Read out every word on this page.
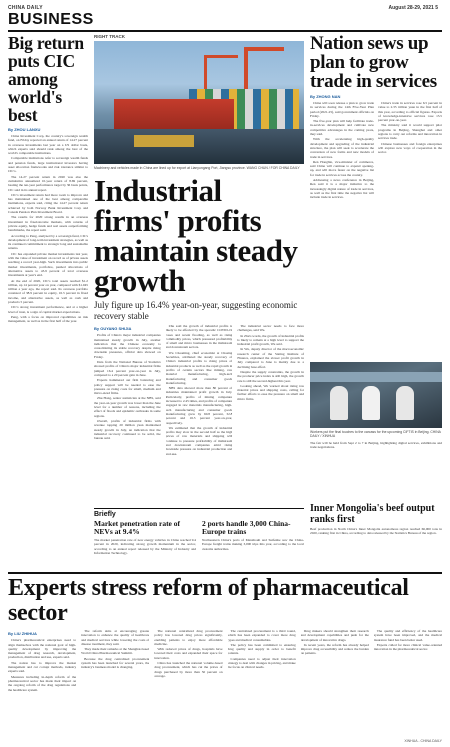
CHINA DAILY	August 28-29, 2021 5
BUSINESS
Big return puts CIC among world's best
By ZHOU LANXU

China Investment Corp, the country's sovereign wealth fund, on Friday reported an annual return of 14.27 percent in overseas investments last year on a US dollar basis, which experts said should rank among the best of the world's comparable institutions.

Comparable institutions refer to sovereign wealth funds and pension funds, large institutional investors having asset allocation frameworks and risk tolerance similar to CIC's.

The 14.27 percent return in 2020 was also the cumulative annualized 10-year return of 8.69 percent, beating the ten-year performance target by 36 basis points, CIC said in its annual report.

CIC's investment return had more room to improve and has maintained one of the best among comparable institutions, experts said, citing the 14.27 percent return achieved by both Norway Bank Investment Corp and Canada Pension Plan Investment Board.

The results for 2020 strong results in an overseas investment in fixed-income markets, with returns of private equity, hedge funds and real assets outperforming benchmarks, the report said.

According to Peng, analyzed by a sovereign fund, CIC's development of long-term investment strategies, as well as its continued commitment to strategic long and sustainable returns.

CIC has expanded private market investments last year, with the value of investment on record as of private assets reaching a record year-high. Such investments into public market investments, portfolios, pushed allocations of alternative assets to 43.9 percent of total overseas investments at year's end.

At the end of 2020, CIC's total assets reached $1.2 trillion, up 14 percent year on year, compared with $1.045 trillion a year ago, the report said. Its overseas portfolio consisted of 38.9 percent in equity, 16.3 percent in fixed income, and alternative assets, as well as cash and products 5 percent.

CIC's strong investment performance, and at a higher level of trust, is a sign of capital market expectations.

Peng, with a focus on improved capabilities on risk management, as well as in the first half of the year.

RIGHT TRACK
Machinery and vehicles made in China are lined up for export at Lianyungang Port, Jiangsu province. WANG CHUN / FOR CHINA DAILY
Industrial firms' profits maintain steady growth
July figure up 16.4% year-on-year, suggesting economic recovery stable
By OUYANG SHIJIA

Profits of China's major industrial companies maintained steady growth in July, another indication that the Chinese economy is consolidating its stable recovery despite rising downside pressures, official data showed on Friday.

Data from the National Bureau of Statistics showed profits of China's major industrial firms jumped 16.4 percent year-on-year in July, compared to a 20 percent gain in June.

Experts hammered out firm balancing and policy support will be needed to ease the pressure on rising costs for small, medium and micro-sized firms.

Zhu Hong, senior statistician at the NBS, said the year-on-year growth was lower than the June level for a number of reasons, including the effect of floods and epidemic outbreaks in some regions.

Overall, profits of industrial firms with revenue topping 20 million yuan maintained steady growth in July, an indication that the industrial recovery continued to be solid, the bureau said.

Zhu said the growth of industrial profits is likely to be affected by the sporadic COVID-19 cases and recent flooding, as well as rising commodity prices, which pressured profitability of small and micro businesses in the midstream and downstream sectors.

Wu Chaoming, chief economist at Chasing Securities, attributed the steady recovery of China's industrial profits to rising prices of industrial products as well as the rapid growth in profits of certain sectors like mining, raw material manufacturing, high-tech manufacturing and consumer goods manufacturing.

NBS data showed more than 80 percent of industries maintained profit growth in July. Particularly, profits of mining companies increased to 2.45 times, and profits of companies engaged in raw materials manufacturing, high-tech manufacturing and consumer goods manufacturing grew by 60.8 percent, 32.8 percent and 16.3 percent year-on-year, respectively.

We estimated that the growth of industrial profits may slow in the second half as the high prices of raw materials and shipping will continue to pressure profitability of midstream and downstream companies amid rising downside pressure on industrial production and end-use.

The industrial sector needs to face more challenges, said Wu.

In Zhu's words, the growth of industrial profits is likely to remain at a high level to support the industrial profit growth, Wu said.

In Wu, deputy director of the macroeconomic research center of the Stating Institute of Finance, explained the slower profit growth in July compared to June is mainly due to a declining base effect.

Despite the supply constraints, the growth in the producer price index is still high, the growth rate is still the second-highest this year.

Looking ahead, Wu warned about rising raw material prices and shipping costs, calling for further efforts to ease the pressure on small and micro firms.

Briefly
Market penetration rate of NEVs at 9.4%
The market penetration rate of new energy vehicles in China reached 9.4 percent in 2020, indicating strong growth momentum in the sector, according to an annual report released by the Ministry of Industry and Information Technology.
2 ports handle 3,000 China-Europe trains
Northeastern China's ports of Manzhouli and Suifenhe saw the China-Europe freight trains making 3,000 trips this year, according to the local customs authorities.
Nation sews up plan to grow trade in services
By ZHONG NAN

China will soon release a plan to grow trade in services during the 14th Five-Year Plan period (2021-25), said government officials on Friday.

The five-year plan will help facilitate trade-in-services development and cultivate new competitive advantages in the coming years, they said.

With the accelerating high-quality development and upgrading of the industrial structure, the plan will seek to accelerate the conversion of new forms and new models of trade in services.

Ren Hongbin, vice-minister of commerce, said China will continue to expand opening-up, and will move faster on the negative list for trade in services across the country.

Addressing a news conference in Beijing, Ren said it is a major initiative to the increasingly digital nature of trade in services, as well as the first time the negative list will include trade in services.

China's trade in services rose 6.5 percent in value to 2.35 trillion yuan in the first half of this year, according to official figures. Exports of knowledge-intensive services rose 13.5 percent year-on-year.

The ministry said it would support pilot programs in Beijing, Shanghai and other regions to carry out reforms and innovation in services trade.

Chinese businesses and foreign enterprises will explore new ways of cooperation in the sector.

Workers put the final touches to the carcass for the upcoming CIFTIS in Beijing. CHINA DAILY / XINHUA
The fair will be held from Sept 2 to 7 in Beijing, highlighting digital services, exhibitions and trade negotiations.
Inner Mongolia's beef output ranks first
Beef production in North China's Inner Mongolia autonomous region reached 66,000 tons in 2020, ranking first in China, according to data released by the Statistics Bureau of the region.
Experts stress reform of pharmaceutical sector
By LIU ZHIHUA

China's pharmaceutical enterprises need to align themselves with the national goal of high-quality development by improving the management of drug research, development, production, distribution and use, experts said.

The nation has to improve the market management and cut corrupt methods, industry experts said.

Measures including in-depth reform of the pharmaceutical sector has made their impact on the ongoing reform of the drug regulations and the healthcare system.

The reform aims at encouraging greater innovation to enhance the quality of healthcare and medical services while lowering the costs of disease treatment, they said.

They made their remarks at the Shanghai-based World China Pharmaceutical Summit.

Because the drug centralized procurement system has been launched for several years, the industry's business model is changing.

The national centralized drug procurement policy has lowered drug prices significantly, enabling patients to enjoy more affordable medicine.

With reduced prices of drugs, hospitals have lowered their costs and expanded their space for innovation.

China has launched the national volume-based drug procurement, which has cut the prices of drugs purchased by more than 50 percent on average.

The centralized procurement is a third round, which has been expanded to cover more drug types and medical consumables.

The policy has been committed to ensuring drug quality and supply in order to benefit patients.

Companies need to adjust their innovation strategy to deal with changes in pricing, and make the focus on clinical needs.

Drug makers should strengthen their research and development capabilities and push for the development of innovative drugs.

In recent years, the reform has already helped improve drug accessibility and reduce the burden on patients.

The quality and efficiency of the healthcare system have been improved, and the medical insurance fund has been better used.

Experts called for more clinical value-oriented innovation in the pharmaceutical sector.

XINHUA - CHINA DAILY
